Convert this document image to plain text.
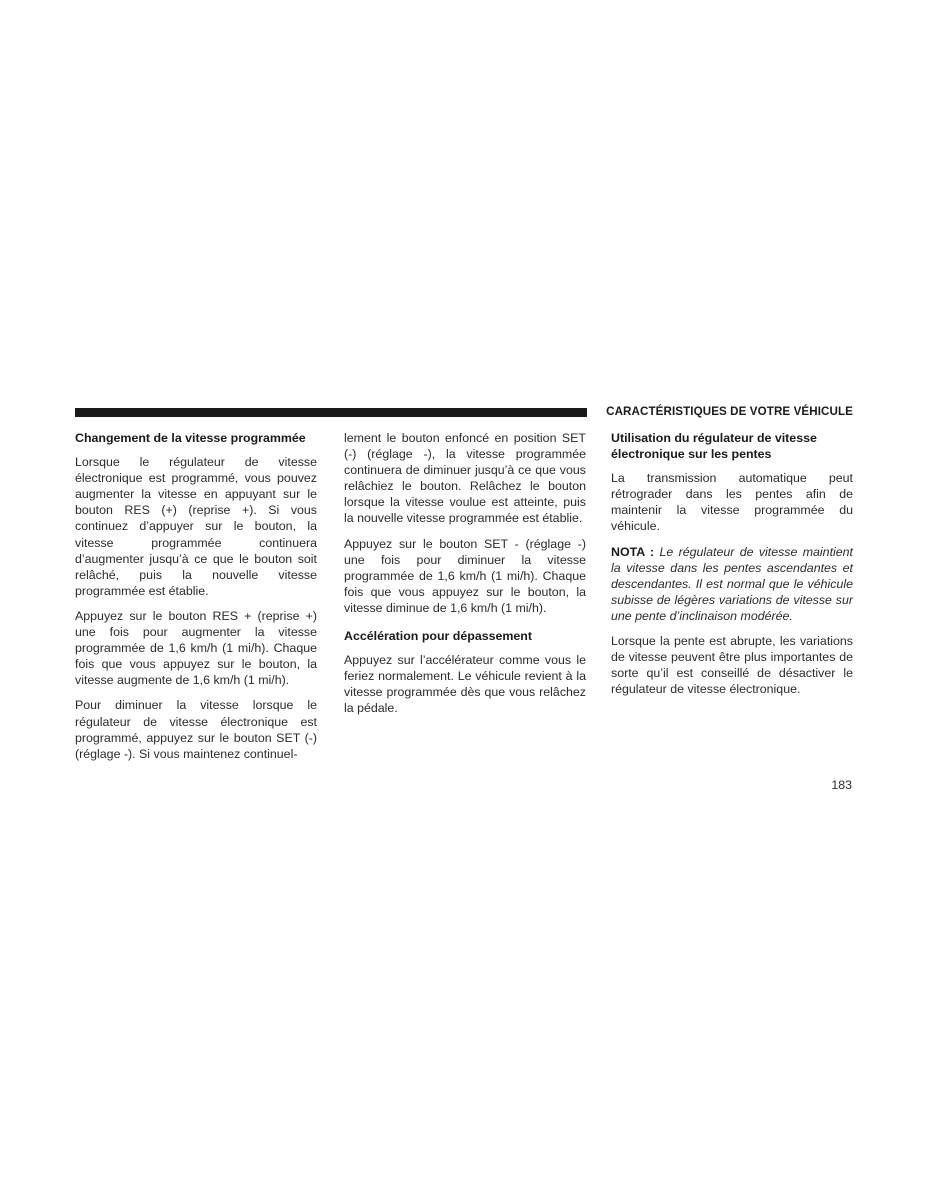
CARACTÉRISTIQUES DE VOTRE VÉHICULE
Changement de la vitesse programmée

Lorsque le régulateur de vitesse électronique est programmé, vous pouvez augmenter la vitesse en appuyant sur le bouton RES (+) (reprise +). Si vous continuez d’appuyer sur le bouton, la vitesse programmée continuera d’augmenter jusqu’à ce que le bouton soit relâché, puis la nouvelle vitesse programmée est établie.

Appuyez sur le bouton RES + (reprise +) une fois pour augmenter la vitesse programmée de 1,6 km/h (1 mi/h). Chaque fois que vous appuyez sur le bouton, la vitesse augmente de 1,6 km/h (1 mi/h).

Pour diminuer la vitesse lorsque le régulateur de vitesse électronique est programmé, appuyez sur le bouton SET (-) (réglage -). Si vous maintenez continuel-

lement le bouton enfoncé en position SET (-) (réglage -), la vitesse programmée continuera de diminuer jusqu’à ce que vous relâchiez le bouton. Relâchez le bouton lorsque la vitesse voulue est atteinte, puis la nouvelle vitesse programmée est établie.

Appuyez sur le bouton SET - (réglage -) une fois pour diminuer la vitesse programmée de 1,6 km/h (1 mi/h). Chaque fois que vous appuyez sur le bouton, la vitesse diminue de 1,6 km/h (1 mi/h).

Accélération pour dépassement

Appuyez sur l’accélérateur comme vous le feriez normalement. Le véhicule revient à la vitesse programmée dès que vous relâchez la pédale.

Utilisation du régulateur de vitesse électronique sur les pentes

La transmission automatique peut rétrograder dans les pentes afin de maintenir la vitesse programmée du véhicule.

NOTA : Le régulateur de vitesse maintient la vitesse dans les pentes ascendantes et descendantes. Il est normal que le véhicule subisse de légères variations de vitesse sur une pente d’inclinaison modérée.

Lorsque la pente est abrupte, les variations de vitesse peuvent être plus importantes de sorte qu’il est conseillé de désactiver le régulateur de vitesse électronique.

183
